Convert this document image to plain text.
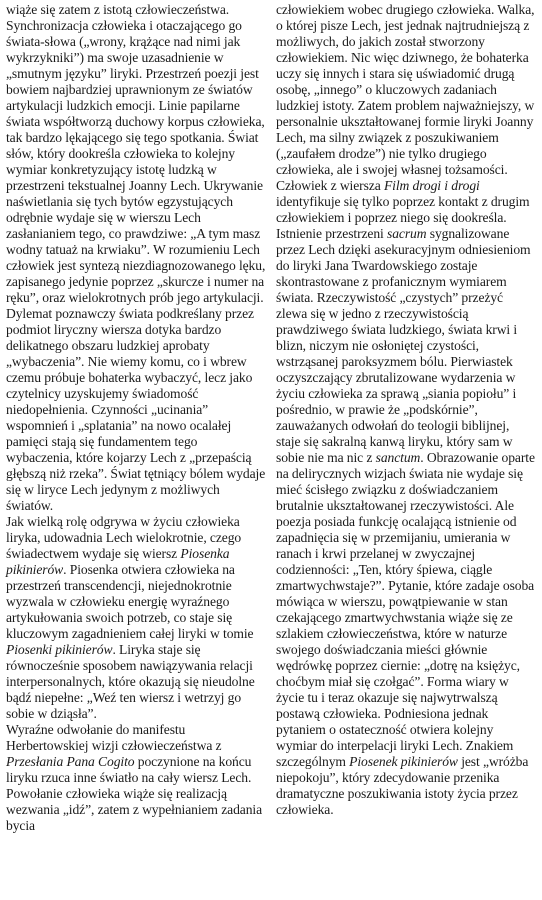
wiąże się zatem z istotą człowieczeństwa. Synchronizacja człowieka i otaczającego go świata-słowa („wrony, krążące nad nimi jak wykrzykniki”) ma swoje uzasadnienie w „smutnym języku” liryki. Przestrzeń poezji jest bowiem najbardziej uprawnionym ze światów artykulacji ludzkich emocji. Linie papilarne świata współtworzą duchowy korpus człowieka, tak bardzo lękającego się tego spotkania. Świat słów, który dookreśla człowieka to kolejny wymiar konkretyzujący istotę ludzką w przestrzeni tekstualnej Joanny Lech. Ukrywanie naświetlania się tych bytów egzystujących odrębnie wydaje się w wierszu Lech zasłanianiem tego, co prawdziwe: „A tym masz wodny tatuaż na krwiaku”. W rozumieniu Lech człowiek jest syntezą niezdiagnozowanego lęku, zapisanego jedynie poprzez „skurcze i numer na ręku”, oraz wielokrotnych prób jego artykulacji. Dylemat poznawczy świata podkreślany przez podmiot liryczny wiersza dotyka bardzo delikatnego obszaru ludzkiej aprobaty „wybaczenia”. Nie wiemy komu, co i wbrew czemu próbuje bohaterka wybaczyć, lecz jako czytelnicy uzyskujemy świadomość niedopełnienia. Czynności „ucinania” wspomnień i „splatania” na nowo ocalałej pamięci stają się fundamentem tego wybaczenia, które kojarzy Lech z „przepaścią głębszą niż rzeka”. Świat tętniący bólem wydaje się w liryce Lech jedynym z możliwych światów.

Jak wielką rolę odgrywa w życiu człowieka liryka, udowadnia Lech wielokrotnie, czego świadectwem wydaje się wiersz Piosenka pikinierów. Piosenka otwiera człowieka na przestrzeń transcendencji, niejednokrotnie wyzwala w człowieku energię wyraźnego artykułowania swoich potrzeb, co staje się kluczowym zagadnieniem całej liryki w tomie Piosenki pikinierów. Liryka staje się równocześnie sposobem nawiązywania relacji interpersonalnych, które okazują się nieudolne bądź niepełne: „Weź ten wiersz i wetrzyj go sobie w dziąsła”.

Wyraźne odwołanie do manifestu Herbertowskiej wizji człowieczeństwa z Przesłania Pana Cogito poczynione na końcu liryku rzuca inne światło na cały wiersz Lech. Powołanie człowieka wiąże się realizacją wezwania „idź”, zatem z wypełnianiem zadania bycia

człowiekiem wobec drugiego człowieka. Walka, o której pisze Lech, jest jednak najtrudniejszą z możliwych, do jakich został stworzony człowiekiem. Nic więc dziwnego, że bohaterka uczy się innych i stara się uświadomić drugą osobę, „innego” o kluczowych zadaniach ludzkiej istoty. Zatem problem najważniejszy, w personalnie ukształtowanej formie liryki Joanny Lech, ma silny związek z poszukiwaniem („zaufałem drodze”) nie tylko drugiego człowieka, ale i swojej własnej tożsamości. Człowiek z wiersza Film drogi i drogi identyfikuje się tylko poprzez kontakt z drugim człowiekiem i poprzez niego się dookreśla. Istnienie przestrzeni sacrum sygnalizowane przez Lech dzięki asekuracyjnym odniesieniom do liryki Jana Twardowskiego zostaje skontrastowane z profanicznym wymiarem świata. Rzeczywistość „czystych” przeżyć zlewa się w jedno z rzeczywistością prawdziwego świata ludzkiego, świata krwi i blizn, niczym nie osłoniętej czystości, wstrząsanej paroksyzmem bólu. Pierwiastek oczyszczający zbrutalizowane wydarzenia w życiu człowieka za sprawą „siania popiołu” i pośrednio, w prawie że „podskórnie”, zauważanych odwołań do teologii biblijnej, staje się sakralną kanwą liryku, który sam w sobie nie ma nic z sanctum. Obrazowanie oparte na delirycznych wizjach świata nie wydaje się mieć ścisłego związku z doświadczaniem brutalnie ukształtowanej rzeczywistości. Ale poezja posiada funkcję ocalającą istnienie od zapadnięcia się w przemijaniu, umierania w ranach i krwi przelanej w zwyczajnej codzienności: „Ten, który śpiewa, ciągle zmartwychwstaje?”. Pytanie, które zadaje osoba mówiąca w wierszu, powątpiewanie w stan czekającego zmartwychwstania wiąże się ze szlakiem człowieczeństwa, które w naturze swojego doświadczania mieści głównie wędrówkę poprzez ciernie: „dotrę na księżyc, choćbym miał się czołgać”. Forma wiary w życie tu i teraz okazuje się najwytrwalszą postawą człowieka. Podniesiona jednak pytaniem o ostateczność otwiera kolejny wymiar do interpelacji liryki Lech. Znakiem szczególnym Piosenek pikinierów jest „wróżba niepokoju”, który zdecydowanie przenika dramatyczne poszukiwania istoty życia przez człowieka.
